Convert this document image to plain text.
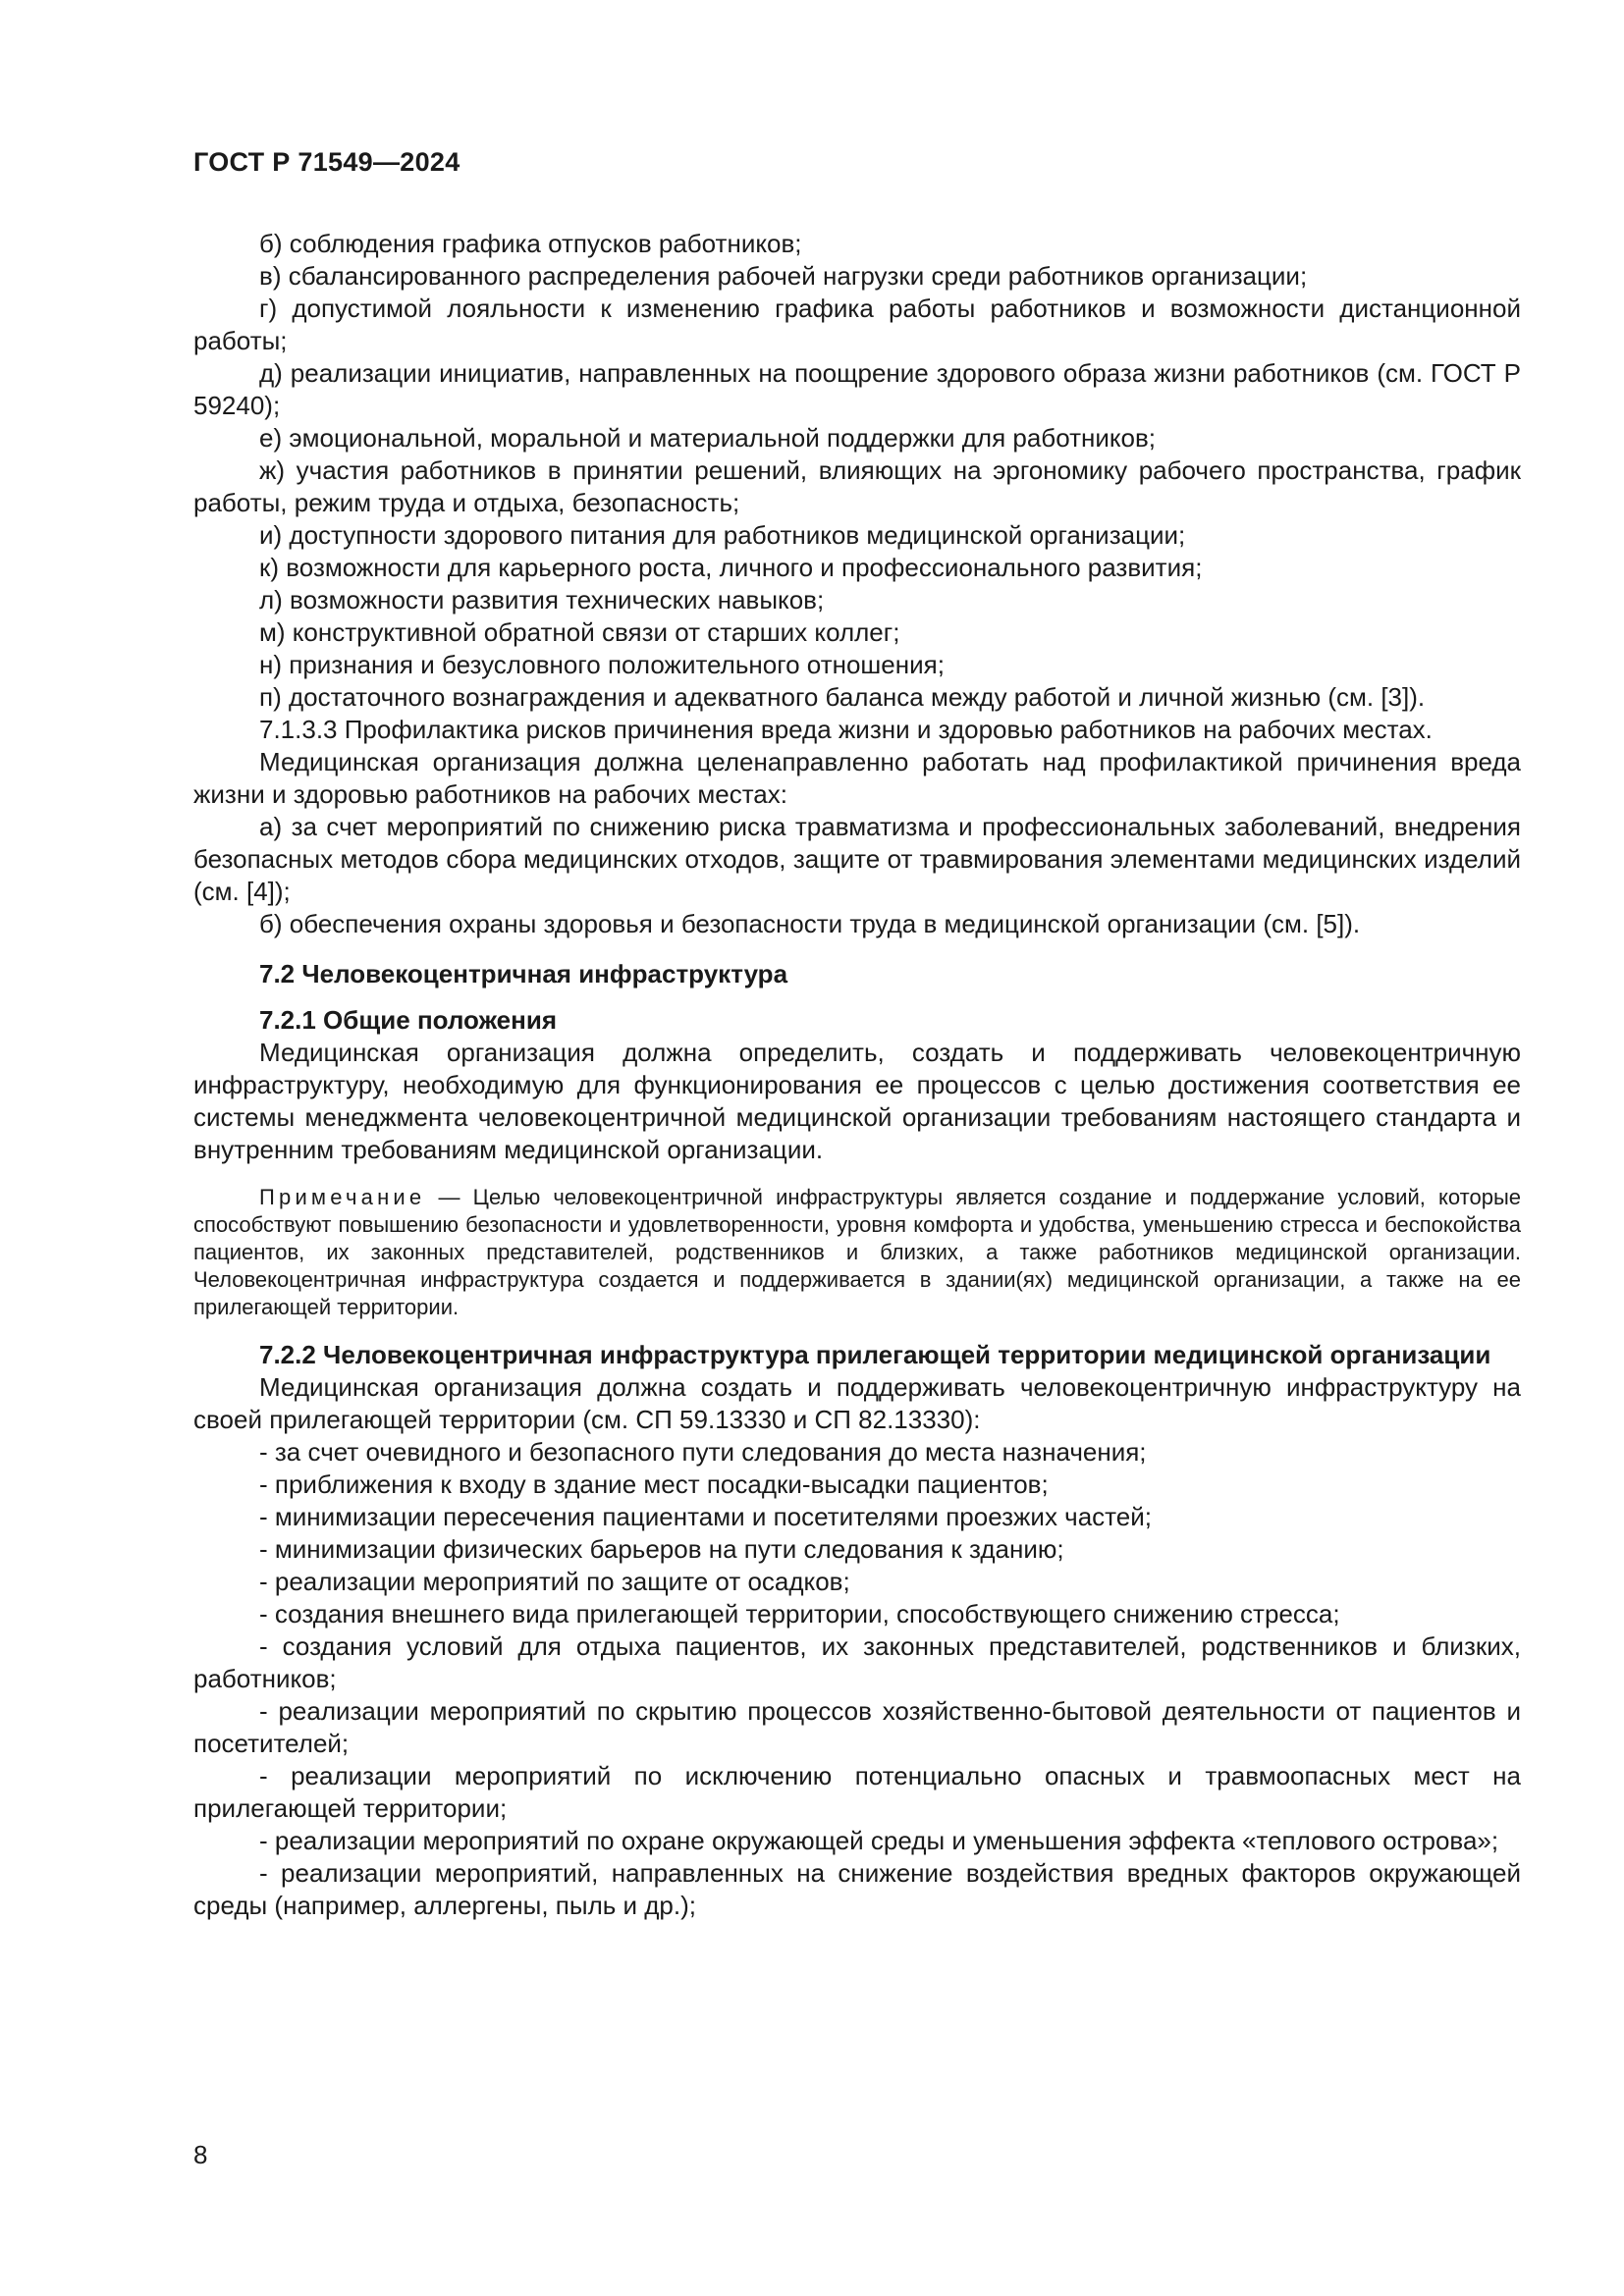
ГОСТ Р 71549—2024

б) соблюдения графика отпусков работников;

в) сбалансированного распределения рабочей нагрузки среди работников организации;

г) допустимой лояльности к изменению графика работы работников и возможности дистанционной работы;

д) реализации инициатив, направленных на поощрение здорового образа жизни работников (см. ГОСТ Р 59240);

е) эмоциональной, моральной и материальной поддержки для работников;

ж) участия работников в принятии решений, влияющих на эргономику рабочего пространства, график работы, режим труда и отдыха, безопасность;

и) доступности здорового питания для работников медицинской организации;

к) возможности для карьерного роста, личного и профессионального развития;

л) возможности развития технических навыков;

м) конструктивной обратной связи от старших коллег;

н) признания и безусловного положительного отношения;

п) достаточного вознаграждения и адекватного баланса между работой и личной жизнью (см. [3]).

7.1.3.3 Профилактика рисков причинения вреда жизни и здоровью работников на рабочих местах.

Медицинская организация должна целенаправленно работать над профилактикой причинения вреда жизни и здоровью работников на рабочих местах:

а) за счет мероприятий по снижению риска травматизма и профессиональных заболеваний, внедрения безопасных методов сбора медицинских отходов, защите от травмирования элементами медицинских изделий (см. [4]);

б) обеспечения охраны здоровья и безопасности труда в медицинской организации (см. [5]).

7.2 Человекоцентричная инфраструктура
7.2.1 Общие положения

Медицинская организация должна определить, создать и поддерживать человекоцентричную инфраструктуру, необходимую для функционирования ее процессов с целью достижения соответствия ее системы менеджмента человекоцентричной медицинской организации требованиям настоящего стандарта и внутренним требованиям медицинской организации.

Примечание — Целью человекоцентричной инфраструктуры является создание и поддержание условий, которые способствуют повышению безопасности и удовлетворенности, уровня комфорта и удобства, уменьшению стресса и беспокойства пациентов, их законных представителей, родственников и близких, а также работников медицинской организации. Человекоцентричная инфраструктура создается и поддерживается в здании(ях) медицинской организации, а также на ее прилегающей территории.
7.2.2 Человекоцентричная инфраструктура прилегающей территории медицинской организации

Медицинская организация должна создать и поддерживать человекоцентричную инфраструктуру на своей прилегающей территории (см. СП 59.13330 и СП 82.13330):

- за счет очевидного и безопасного пути следования до места назначения;

- приближения к входу в здание мест посадки-высадки пациентов;

- минимизации пересечения пациентами и посетителями проезжих частей;

- минимизации физических барьеров на пути следования к зданию;

- реализации мероприятий по защите от осадков;

- создания внешнего вида прилегающей территории, способствующего снижению стресса;

- создания условий для отдыха пациентов, их законных представителей, родственников и близких, работников;

- реализации мероприятий по скрытию процессов хозяйственно-бытовой деятельности от пациентов и посетителей;

- реализации мероприятий по исключению потенциально опасных и травмоопасных мест на прилегающей территории;

- реализации мероприятий по охране окружающей среды и уменьшения эффекта «теплового острова»;

- реализации мероприятий, направленных на снижение воздействия вредных факторов окружающей среды (например, аллергены, пыль и др.);

8
